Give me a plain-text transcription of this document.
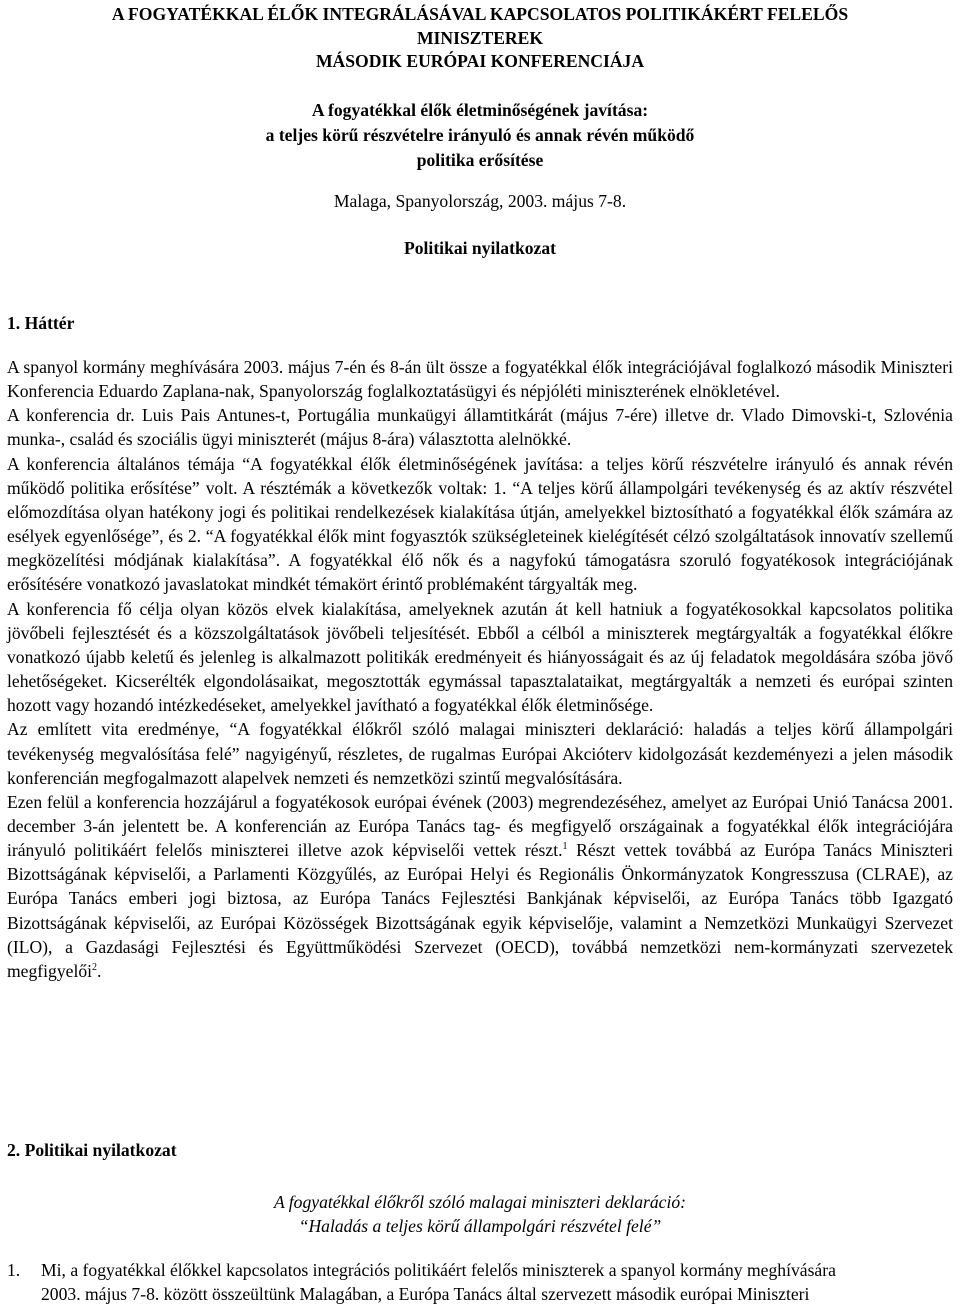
A FOGYATÉKKAL ÉLŐK INTEGRÁLÁSÁVAL KAPCSOLATOS POLITIKÁKÉRT FELELŐS
MINISZTEREK
MÁSODIK EURÓPAI KONFERENCIÁJA
A fogyatékkal élők életminőségének javítása:
a teljes körű részvételre irányuló és annak révén működő
politika erősítése
Malaga, Spanyolország, 2003. május 7-8.
Politikai nyilatkozat
1. Háttér

A spanyol kormány meghívására 2003. május 7-én és 8-án ült össze a fogyatékkal élők integrációjával foglalkozó második Miniszteri Konferencia Eduardo Zaplana-nak, Spanyolország foglalkoztatásügyi és népjóléti miniszterének elnökletével.

A konferencia dr. Luis Pais Antunes-t, Portugália munkaügyi államtitkárát (május 7-ére) illetve dr. Vlado Dimovski-t, Szlovénia munka-, család és szociális ügyi miniszterét (május 8-ára) választotta alelnökké.

A konferencia általános témája “A fogyatékkal élők életminőségének javítása: a teljes körű részvételre irányuló és annak révén működő politika erősítése” volt. A résztémák a következők voltak: 1. “A teljes körű állampolgári tevékenység és az aktív részvétel előmozdítása olyan hatékony jogi és politikai rendelkezések kialakítása útján, amelyekkel biztosítható a fogyatékkal élők számára az esélyek egyenlősége”, és 2. “A fogyatékkal élők mint fogyasztók szükségleteinek kielégítését célzó szolgáltatások innovatív szellemű megközelítési módjának kialakítása”. A fogyatékkal élő nők és a nagyfokú támogatásra szoruló fogyatékosok integrációjának erősítésére vonatkozó javaslatokat mindkét témakört érintő problémaként tárgyalták meg.

A konferencia fő célja olyan közös elvek kialakítása, amelyeknek azután át kell hatniuk a fogyatékosokkal kapcsolatos politika jövőbeli fejlesztését és a közszolgáltatások jövőbeli teljesítését. Ebből a célból a miniszterek megtárgyalták a fogyatékkal élőkre vonatkozó újabb keletű és jelenleg is alkalmazott politikák eredményeit és hiányosságait és az új feladatok megoldására szóba jövő lehetőségeket. Kicserélték elgondolásaikat, megosztották egymással tapasztalataikat, megtárgyalták a nemzeti és európai szinten hozott vagy hozandó intézkedéseket, amelyekkel javítható a fogyatékkal élők életminősége.

Az említett vita eredménye, “A fogyatékkal élőkről szóló malagai miniszteri deklaráció: haladás a teljes körű állampolgári tevékenység megvalósítása felé” nagyigényű, részletes, de rugalmas Európai Akcióterv kidolgozását kezdeményezi a jelen második konferencián megfogalmazott alapelvek nemzeti és nemzetközi szintű megvalósítására.

Ezen felül a konferencia hozzájárul a fogyatékosok európai évének (2003) megrendezéséhez, amelyet az Európai Unió Tanácsa 2001. december 3-án jelentett be. A konferencián az Európa Tanács tag- és megfigyelő országainak a fogyatékkal élők integrációjára irányuló politikáért felelős miniszterei illetve azok képviselői vettek részt.$^1$ Részt vettek továbbá az Európa Tanács Miniszteri Bizottságának képviselői, a Parlamenti Közgyűlés, az Európai Helyi és Regionális Önkormányzatok Kongresszusa (CLRAE), az Európa Tanács emberi jogi biztosa, az Európa Tanács Fejlesztési Bankjának képviselői, az Európa Tanács több Igazgató Bizottságának képviselői, az Európai Közösségek Bizottságának egyik képviselője, valamint a Nemzetközi Munkaügyi Szervezet (ILO), a Gazdasági Fejlesztési és Együttműködési Szervezet (OECD), továbbá nemzetközi nem-kormányzati szervezetek megfigyelői$^2$.

2. Politikai nyilatkozat
A fogyatékkal élőkről szóló malagai miniszteri deklaráció:
“Haladás a teljes körű állampolgári részvétel felé”
1. Mi, a fogyatékkal élőkkel kapcsolatos integrációs politikáért felelős miniszterek a spanyol kormány meghívására
2003. május 7-8. között összeültünk Malagában, a Európa Tanács által szervezett második európai Miniszteri
